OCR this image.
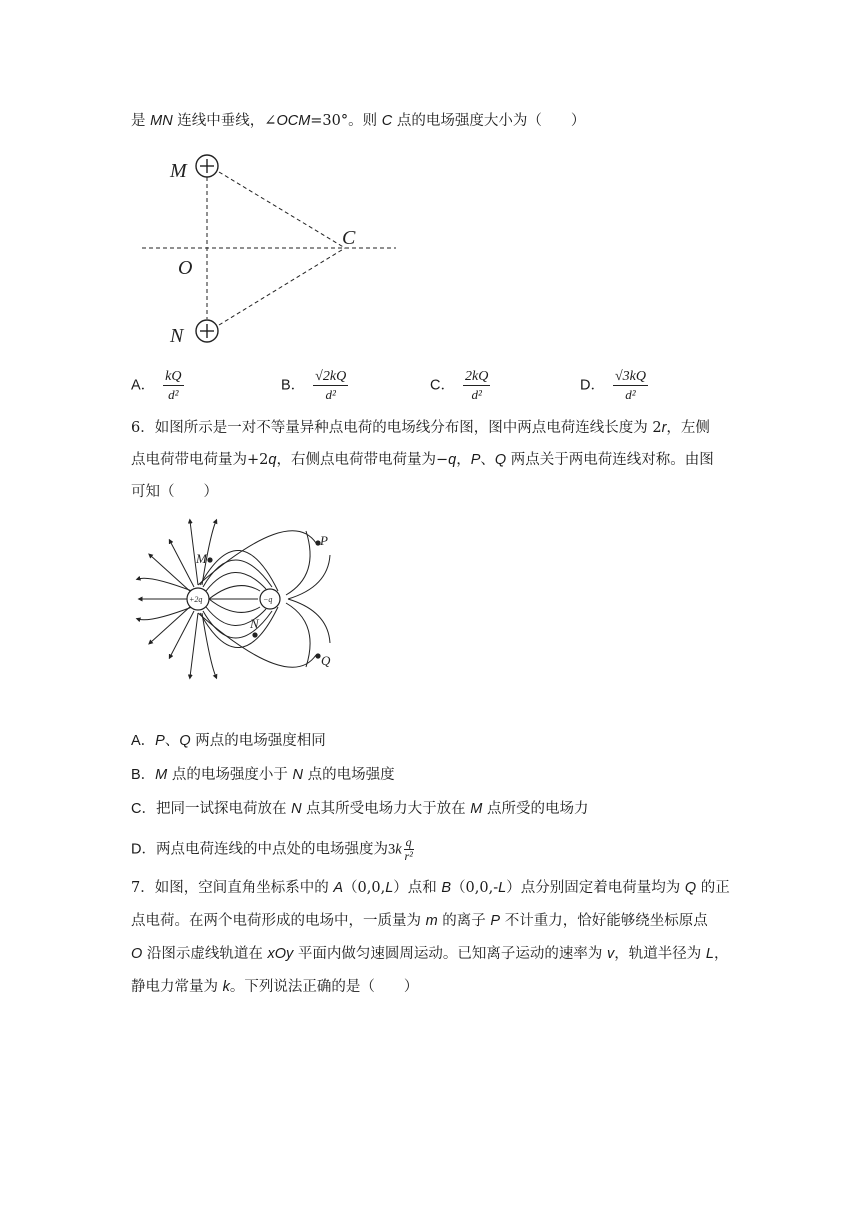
是 MN 连线中垂线，∠OCM=30°。则 C 点的电场强度大小为（　　）
M
O
N
C
A． $\frac{kQ}{\text{d²}}$	B． $\frac{√2kQ}{\text{d²}}$	C． $\frac{2kQ}{\text{d²}}$	D． $\frac{√3kQ}{\text{d²}}$
6．如图所示是一对不等量异种点电荷的电场线分布图，图中两点电荷连线长度为 2r，左侧
点电荷带电荷量为+2q，右侧点电荷带电荷量为−q，P、Q 两点关于两电荷连线对称。由图
可知（　　）
+2q	−q
M
N
P
Q
A．P、Q 两点的电场强度相同
B．M 点的电场强度小于 N 点的电场强度
C．把同一试探电荷放在 N 点其所受电场力大于放在 M 点所受的电场力
D．两点电荷连线的中点处的电场强度为$3k \frac{q}{\text{r²}}$
7．如图，空间直角坐标系中的 A（0,0,L）点和 B（0,0,-L）点分别固定着电荷量均为 Q 的正
点电荷。在两个电荷形成的电场中，一质量为 m 的离子 P 不计重力，恰好能够绕坐标原点
O 沿图示虚线轨道在 xOy 平面内做匀速圆周运动。已知离子运动的速率为 v，轨道半径为 L，
静电力常量为 k。下列说法正确的是（　　）
